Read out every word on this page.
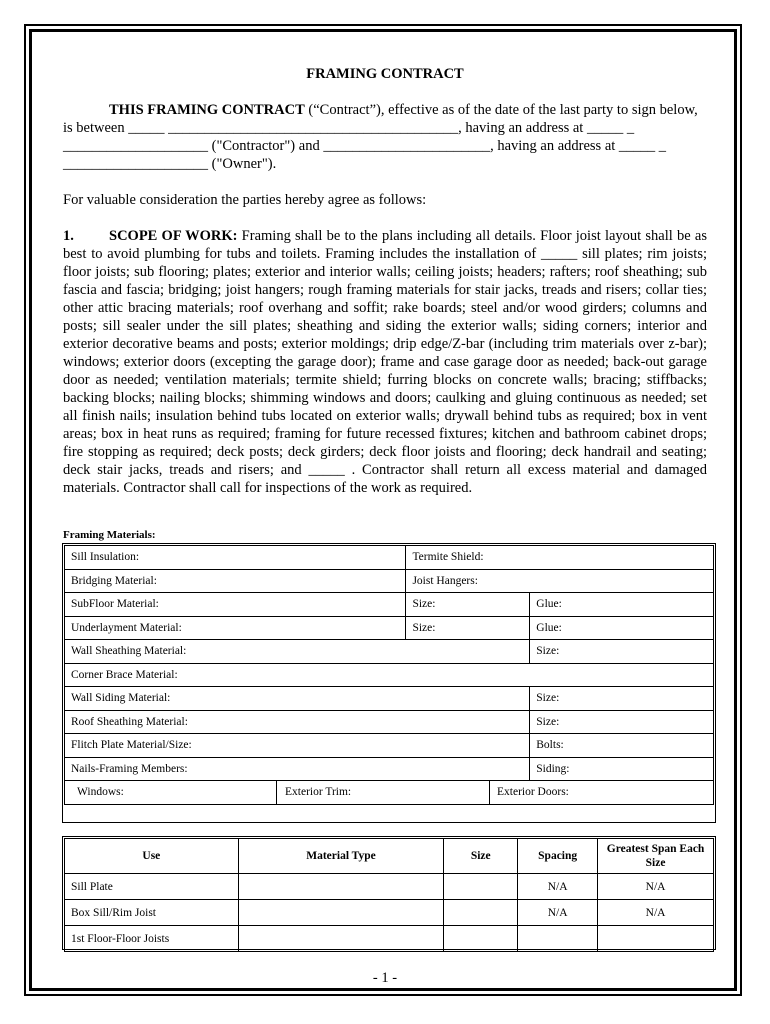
FRAMING CONTRACT
THIS FRAMING CONTRACT (“Contract”), effective as of the date of the last party to sign below, is between _____ ________________________________________, having an address at _____ _ ____________________ ("Contractor") and _______________________, having an address at _____ _ ____________________ ("Owner").
For valuable consideration the parties hereby agree as follows:
1. SCOPE OF WORK: Framing shall be to the plans including all details. Floor joist layout shall be as best to avoid plumbing for tubs and toilets. Framing includes the installation of _____ sill plates; rim joists; floor joists; sub flooring; plates; exterior and interior walls; ceiling joists; headers; rafters; roof sheathing; sub fascia and fascia; bridging; joist hangers; rough framing materials for stair jacks, treads and risers; collar ties; other attic bracing materials; roof overhang and soffit; rake boards; steel and/or wood girders; columns and posts; sill sealer under the sill plates; sheathing and siding the exterior walls; siding corners; interior and exterior decorative beams and posts; exterior moldings; drip edge/Z-bar (including trim materials over z-bar); windows; exterior doors (excepting the garage door); frame and case garage door as needed; back-out garage door as needed; ventilation materials; termite shield; furring blocks on concrete walls; bracing; stiffbacks; backing blocks; nailing blocks; shimming windows and doors; caulking and gluing continuous as needed; set all finish nails; insulation behind tubs located on exterior walls; drywall behind tubs as required; box in vent areas; box in heat runs as required; framing for future recessed fixtures; kitchen and bathroom cabinet drops; fire stopping as required; deck posts; deck girders; deck floor joists and flooring; deck handrail and seating; deck stair jacks, treads and risers; and _____ . Contractor shall return all excess material and damaged materials. Contractor shall call for inspections of the work as required.
Framing Materials:
Sill Insulation:	Termite Shield:	
Bridging Material:	Joist Hangers:	
SubFloor Material:	Size:	Glue:
Underlayment Material:	Size:	Glue:
Wall Sheathing Material:		Size:
Corner Brace Material:		
Wall Siding Material:		Size:
Roof Sheathing Material:		Size:
Flitch Plate Material/Size:		Bolts:
Nails-Framing Members:		Siding:

Windows: Exterior Trim: Exterior Doors:		
Use	Material Type	Size	Spacing	Greatest Span Each Size
Sill Plate			N/A	N/A
Box Sill/Rim Joist			N/A	N/A
1st Floor-Floor Joists				
- 1 -
